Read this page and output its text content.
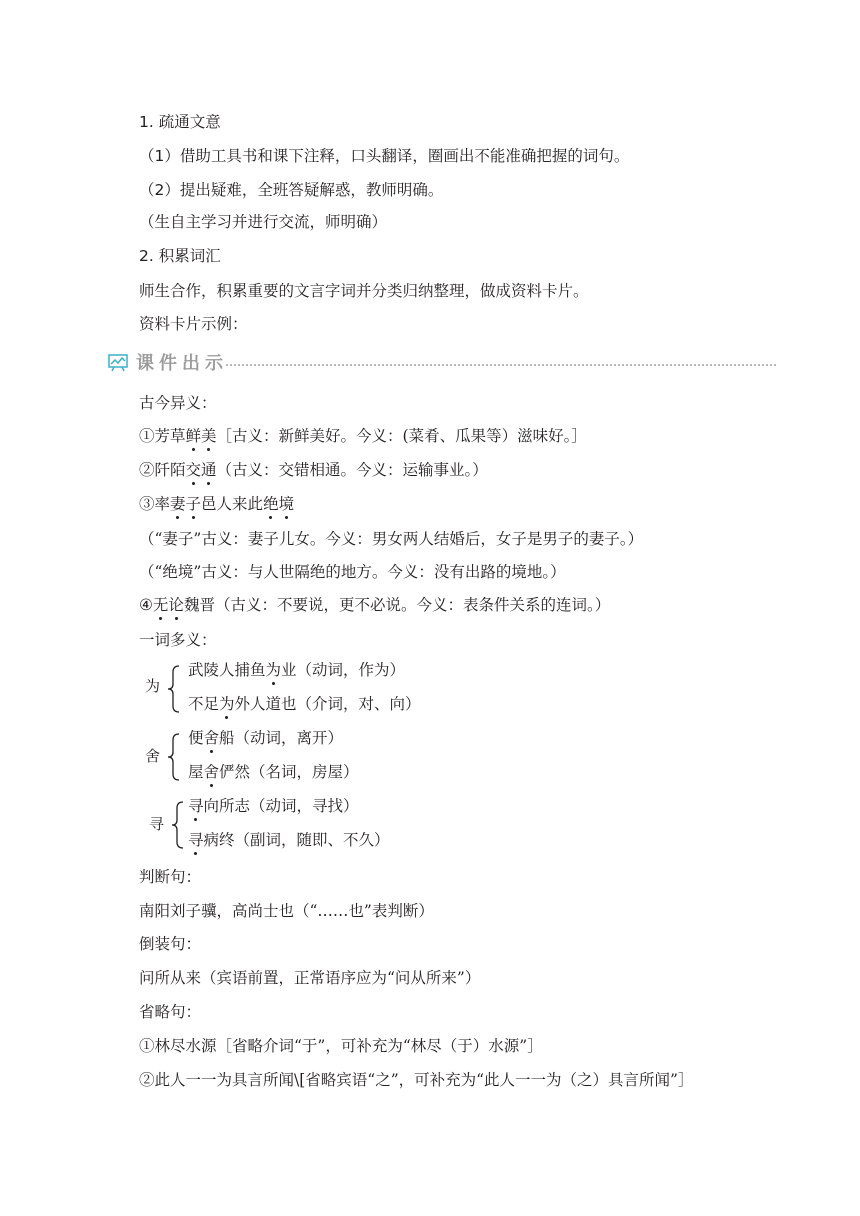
1. 疏通文意
（1）借助工具书和课下注释，口头翻译，圈画出不能准确把握的词句。
（2）提出疑难，全班答疑解惑，教师明确。
（生自主学习并进行交流，师明确）
2. 积累词汇
师生合作，积累重要的文言字词并分类归纳整理，做成资料卡片。
资料卡片示例：
课件出示
古今异义：
①芳草鲜美［古义：新鲜美好。今义：(菜肴、瓜果等）滋味好。］
②阡陌交通（古义：交错相通。今义：运输事业。）
③率妻子邑人来此绝境
（“妻子”古义：妻子儿女。今义：男女两人结婚后，女子是男子的妻子。）
（“绝境”古义：与人世隔绝的地方。今义：没有出路的境地。）
④无论魏晋（古义：不要说，更不必说。今义：表条件关系的连词。）
一词多义：
为
武陵人捕鱼为业（动词，作为）
不足为外人道也（介词，对、向）
舍
便舍船（动词，离开）
屋舍俨然（名词，房屋）
寻
寻向所志（动词，寻找）
寻病终（副词，随即、不久）
判断句：
南阳刘子骥，高尚士也（“……也”表判断）
倒装句：
问所从来（宾语前置，正常语序应为“问从所来”）
省略句：
①林尽水源［省略介词“于”，可补充为“林尽（于）水源”］
②此人一一为具言所闻\[省略宾语“之”，可补充为“此人一一为（之）具言所闻”］
